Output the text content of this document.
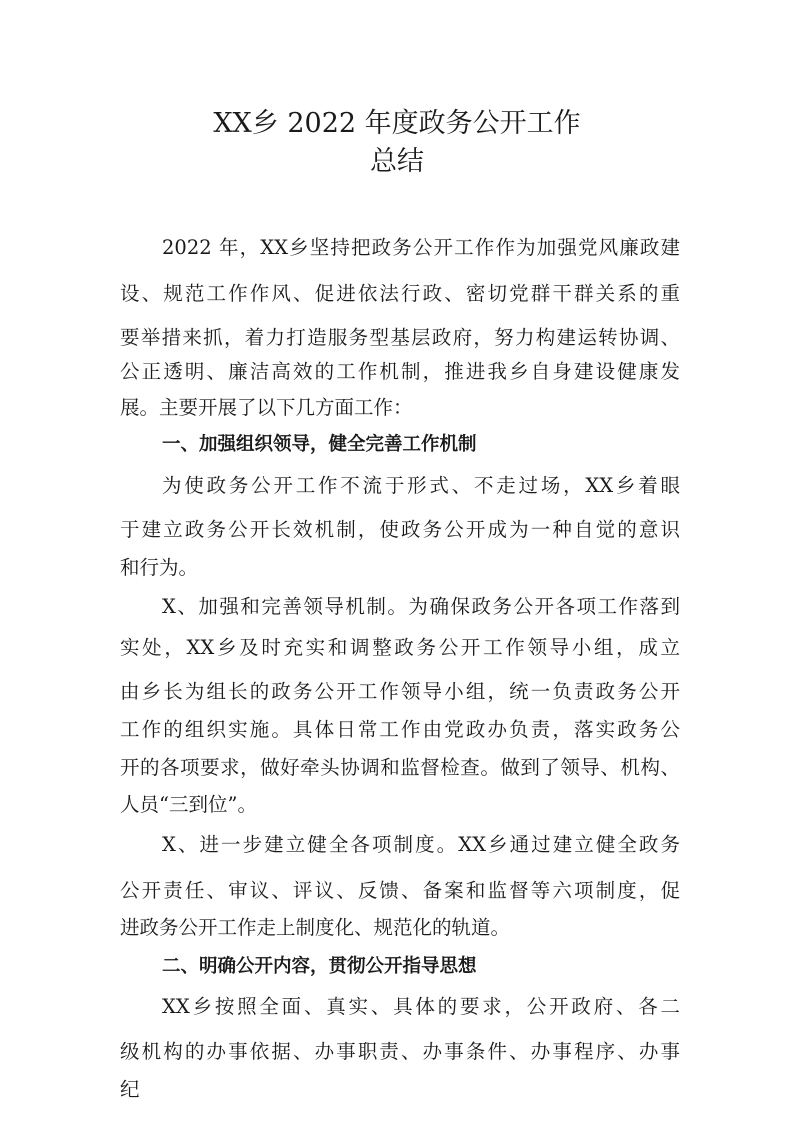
XX乡 2022 年度政务公开工作
总结

2022 年，XX乡坚持把政务公开工作作为加强党风廉政建

设、规范工作作风、促进依法行政、密切党群干群关系的重

要举措来抓，着力打造服务型基层政府，努力构建运转协调、

公正透明、廉洁高效的工作机制，推进我乡自身建设健康发

展。主要开展了以下几方面工作：

一、加强组织领导，健全完善工作机制

为使政务公开工作不流于形式、不走过场，XX乡着眼

于建立政务公开长效机制，使政务公开成为一种自觉的意识

和行为。

X、加强和完善领导机制。为确保政务公开各项工作落到

实处，XX乡及时充实和调整政务公开工作领导小组，成立

由乡长为组长的政务公开工作领导小组，统一负责政务公开

工作的组织实施。具体日常工作由党政办负责，落实政务公

开的各项要求，做好牵头协调和监督检查。做到了领导、机构、

人员“三到位”。

X、进一步建立健全各项制度。XX乡通过建立健全政务

公开责任、审议、评议、反馈、备案和监督等六项制度，促

进政务公开工作走上制度化、规范化的轨道。

二、明确公开内容，贯彻公开指导思想

XX乡按照全面、真实、具体的要求，公开政府、各二

级机构的办事依据、办事职责、办事条件、办事程序、办事

纪
